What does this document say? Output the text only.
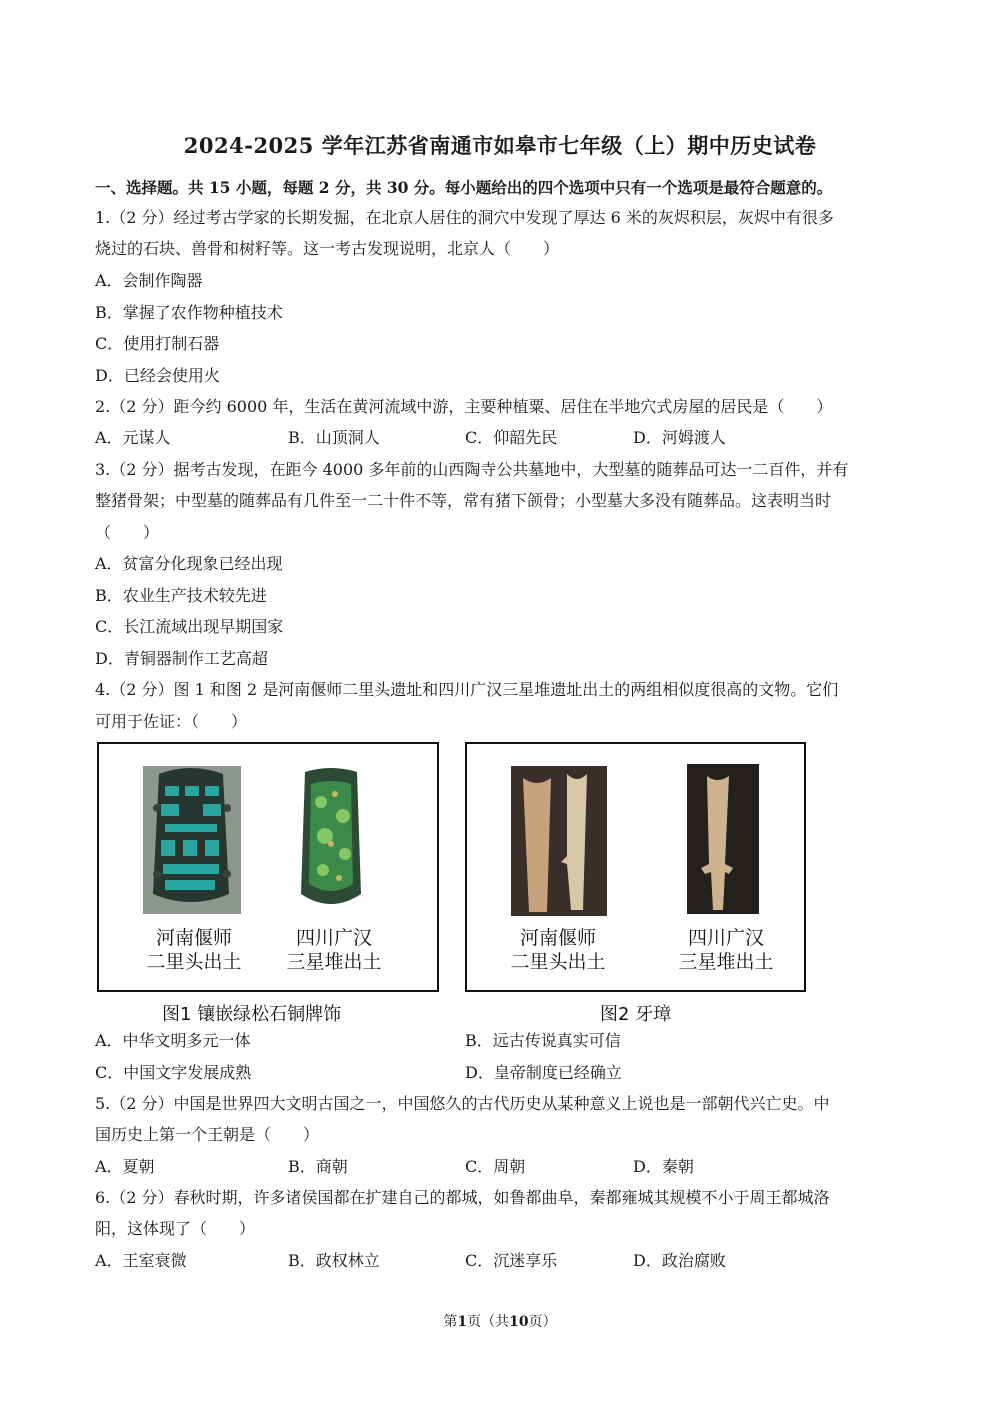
2024-2025 学年江苏省南通市如皋市七年级（上）期中历史试卷
一、选择题。共 15 小题，每题 2 分，共 30 分。每小题给出的四个选项中只有一个选项是最符合题意的。
1.（2 分）经过考古学家的长期发掘，在北京人居住的洞穴中发现了厚达 6 米的灰烬积层，灰烬中有很多
烧过的石块、兽骨和树籽等。这一考古发现说明，北京人（　　）
A．会制作陶器
B．掌握了农作物种植技术
C．使用打制石器
D．已经会使用火
2.（2 分）距今约 6000 年，生活在黄河流域中游，主要种植粟、居住在半地穴式房屋的居民是（　　）
A．元谋人	B．山顶洞人	C．仰韶先民	D．河姆渡人
3.（2 分）据考古发现，在距今 4000 多年前的山西陶寺公共墓地中，大型墓的随葬品可达一二百件，并有
整猪骨架；中型墓的随葬品有几件至一二十件不等，常有猪下颌骨；小型墓大多没有随葬品。这表明当时
（　　）
A．贫富分化现象已经出现
B．农业生产技术较先进
C．长江流域出现早期国家
D．青铜器制作工艺高超
4.（2 分）图 1 和图 2 是河南偃师二里头遗址和四川广汉三星堆遗址出土的两组相似度很高的文物。它们
可用于佐证：（　　）
河南偃师
二里头出土
四川广汉
三星堆出土
图1 镶嵌绿松石铜牌饰
河南偃师
二里头出土
四川广汉
三星堆出土
图2 牙璋
A．中华文明多元一体	B．远古传说真实可信
C．中国文字发展成熟	D．皇帝制度已经确立
5.（2 分）中国是世界四大文明古国之一，中国悠久的古代历史从某种意义上说也是一部朝代兴亡史。中
国历史上第一个王朝是（　　）
A．夏朝	B．商朝	C．周朝	D．秦朝
6.（2 分）春秋时期，许多诸侯国都在扩建自己的都城，如鲁都曲阜，秦都雍城其规模不小于周王都城洛
阳，这体现了（　　）
A．王室衰微	B．政权林立	C．沉迷享乐	D．政治腐败
第1页（共10页）
